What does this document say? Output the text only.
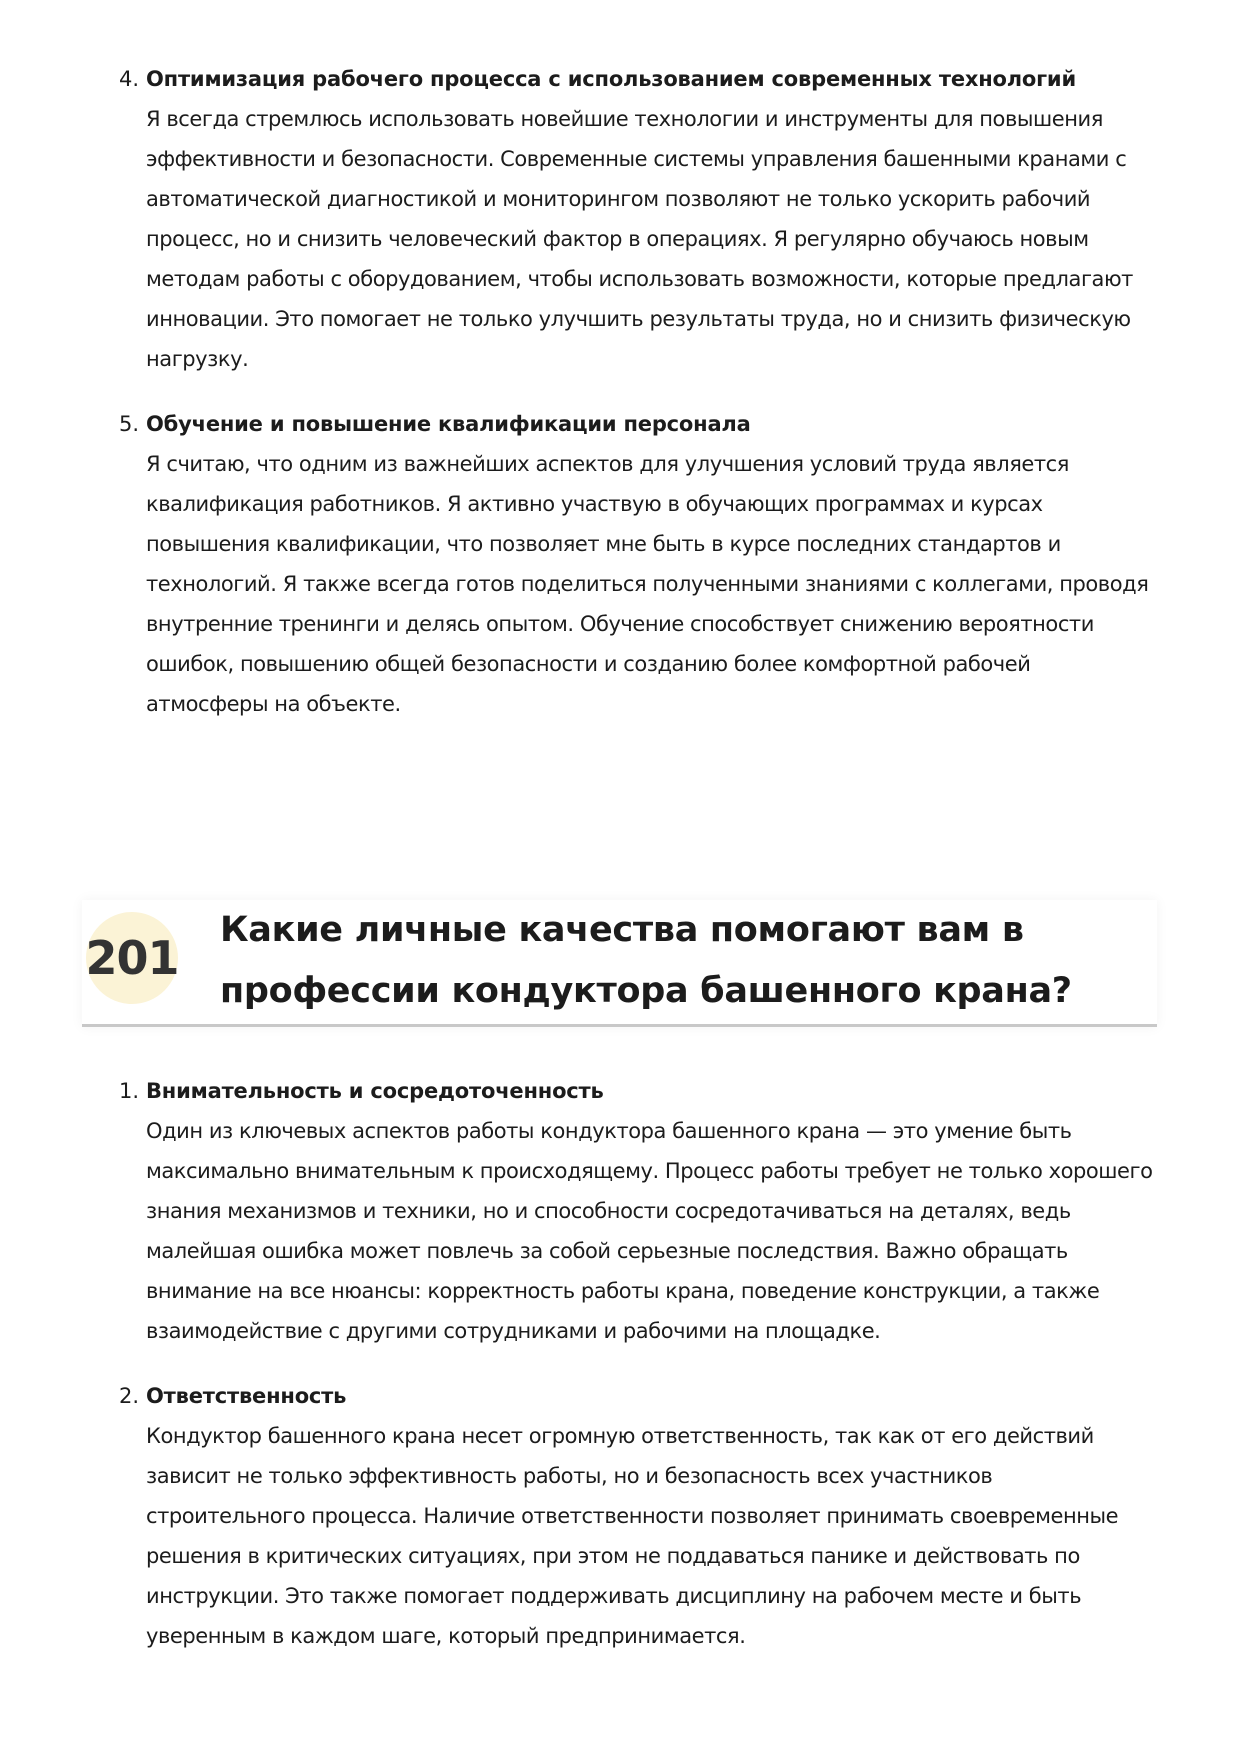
4. Оптимизация рабочего процесса с использованием современных технологий

Я всегда стремлюсь использовать новейшие технологии и инструменты для повышения эффективности и безопасности. Современные системы управления башенными кранами с автоматической диагностикой и мониторингом позволяют не только ускорить рабочий процесс, но и снизить человеческий фактор в операциях. Я регулярно обучаюсь новым методам работы с оборудованием, чтобы использовать возможности, которые предлагают инновации. Это помогает не только улучшить результаты труда, но и снизить физическую нагрузку.

5. Обучение и повышение квалификации персонала

Я считаю, что одним из важнейших аспектов для улучшения условий труда является квалификация работников. Я активно участвую в обучающих программах и курсах повышения квалификации, что позволяет мне быть в курсе последних стандартов и технологий. Я также всегда готов поделиться полученными знаниями с коллегами, проводя внутренние тренинги и делясь опытом. Обучение способствует снижению вероятности ошибок, повышению общей безопасности и созданию более комфортной рабочей атмосферы на объекте.

201
Какие личные качества помогают вам в профессии кондуктора башенного крана?
1. Внимательность и сосредоточенность

Один из ключевых аспектов работы кондуктора башенного крана — это умение быть максимально внимательным к происходящему. Процесс работы требует не только хорошего знания механизмов и техники, но и способности сосредотачиваться на деталях, ведь малейшая ошибка может повлечь за собой серьезные последствия. Важно обращать внимание на все нюансы: корректность работы крана, поведение конструкции, а также взаимодействие с другими сотрудниками и рабочими на площадке.

2. Ответственность

Кондуктор башенного крана несет огромную ответственность, так как от его действий зависит не только эффективность работы, но и безопасность всех участников строительного процесса. Наличие ответственности позволяет принимать своевременные решения в критических ситуациях, при этом не поддаваться панике и действовать по инструкции. Это также помогает поддерживать дисциплину на рабочем месте и быть уверенным в каждом шаге, который предпринимается.
